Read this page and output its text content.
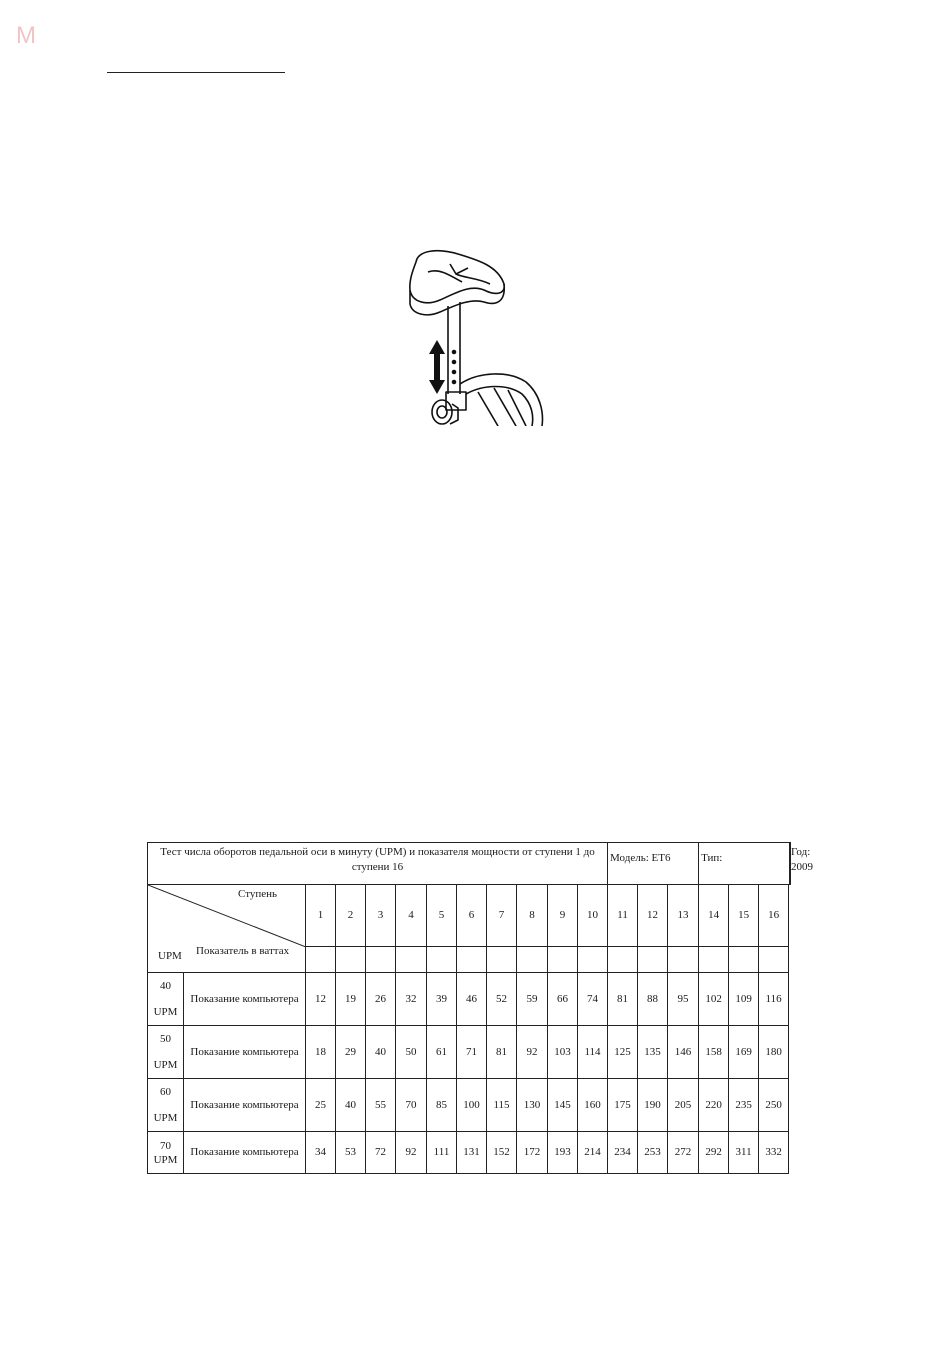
M
Тест числа оборотов педальной оси в минуту (UPM) и показателя мощности от ступени 1 до ступени 16												Модель: ET6			Тип:			Год: 2009

Ступень
UPM Показатель в ваттах		1	2	3	4	5	6	7	8	9	10	11	12	13	14	15	16	

40
UPM	Показание компьютера	12	19	26	32	39	46	52	59	66	74	81	88	95	102	109	116	
50
UPM	Показание компьютера	18	29	40	50	61	71	81	92	103	114	125	135	146	158	169	180	
60
UPM	Показание компьютера	25	40	55	70	85	100	115	130	145	160	175	190	205	220	235	250	
70
UPM	Показание компьютера	34	53	72	92	111	131	152	172	193	214	234	253	272	292	311	332	
